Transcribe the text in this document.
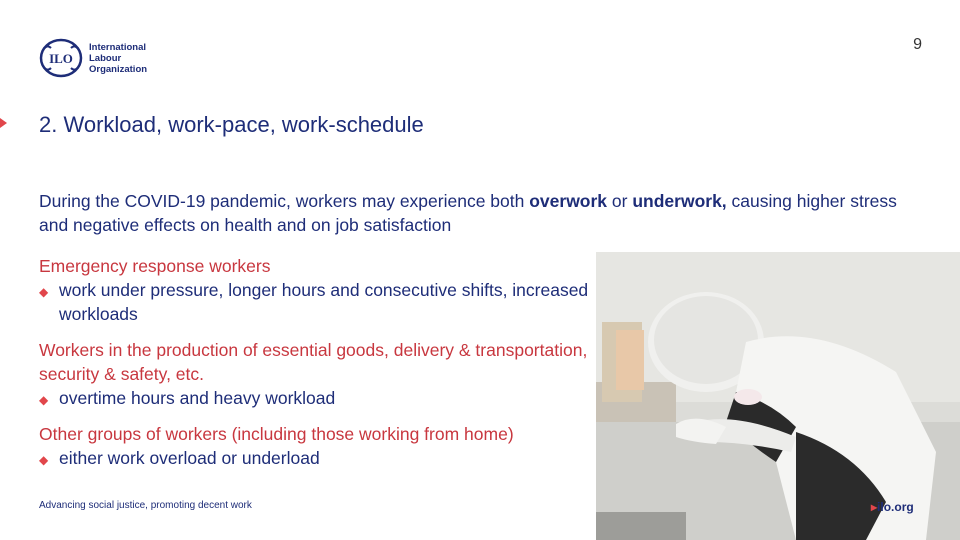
9
ILO
International
Labour
Organization
2. Workload, work-pace, work-schedule
During the COVID-19 pandemic, workers may experience both overwork or underwork, causing higher stress and negative effects on health and on job satisfaction
Emergency response workers
◆ work under pressure, longer hours and consecutive shifts, increased workloads
Workers in the production of essential goods, delivery & transportation, security & safety, etc.
◆ overtime hours and heavy workload
Other groups of workers (including those working from home)
◆ either work overload or underload
Advancing social justice, promoting decent work	▸ilo.org
